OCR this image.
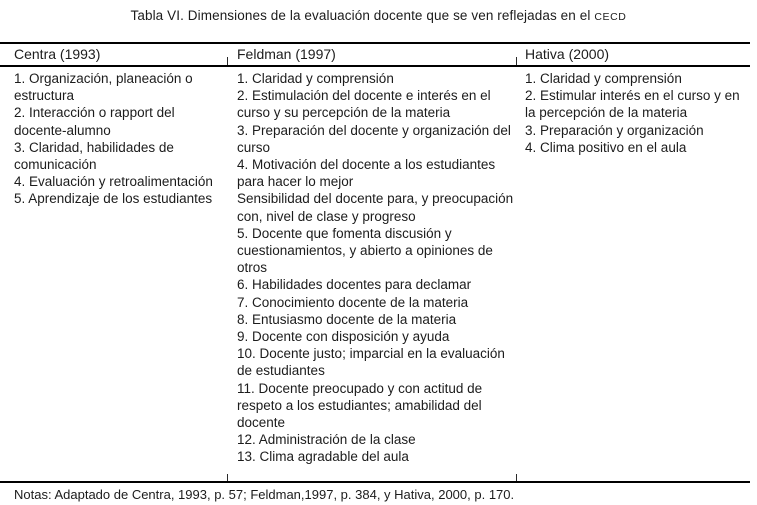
Tabla VI. Dimensiones de la evaluación docente que se ven reflejadas en el CECD
Centra (1993)	Feldman (1997)	Hativa (2000)
1. Organización, planeación o estructura
2. Interacción o rapport del docente-alumno
3. Claridad, habilidades de comunicación
4. Evaluación y retroalimentación
5. Aprendizaje de los estudiantes
1. Claridad y comprensión
2. Estimulación del docente e interés en el curso y su percepción de la materia
3. Preparación del docente y organización del curso
4. Motivación del docente a los estudiantes para hacer lo mejor
Sensibilidad del docente para, y preocupación con, nivel de clase y progreso
5. Docente que fomenta discusión y cuestionamientos, y abierto a opiniones de otros
6. Habilidades docentes para declamar
7. Conocimiento docente de la materia
8. Entusiasmo docente de la materia
9. Docente con disposición y ayuda
10. Docente justo; imparcial en la evaluación de estudiantes
11. Docente preocupado y con actitud de respeto a los estudiantes; amabilidad del docente
12. Administración de la clase
13. Clima agradable del aula
1. Claridad y comprensión
2. Estimular interés en el curso y en la percepción de la materia
3. Preparación y organización
4. Clima positivo en el aula
Notas: Adaptado de Centra, 1993, p. 57; Feldman,1997, p. 384, y Hativa, 2000, p. 170.
